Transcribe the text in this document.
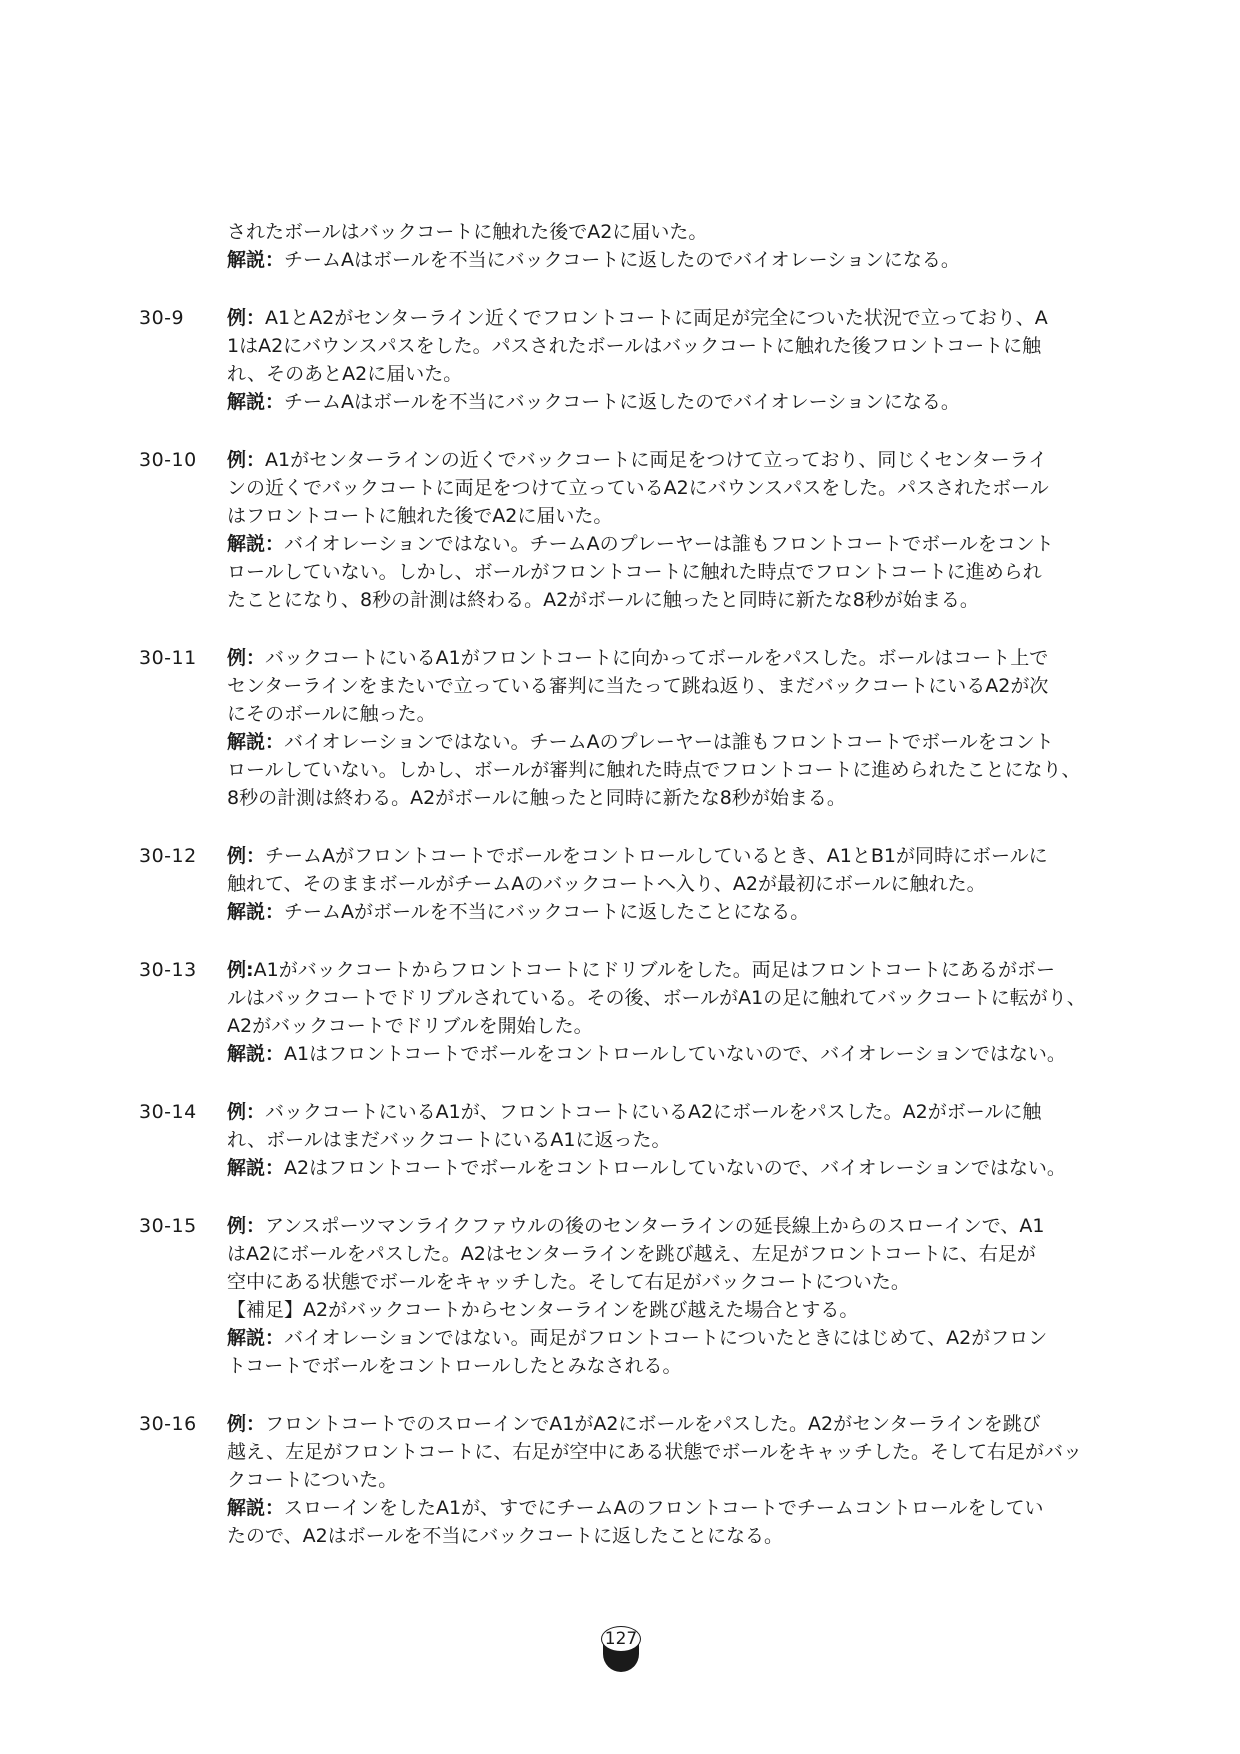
されたボールはバックコートに触れた後でA2に届いた。
解説：チームAはボールを不当にバックコートに返したのでバイオレーションになる。
30-9	例：A1とA2がセンターライン近くでフロントコートに両足が完全についた状況で立っており、A
1はA2にバウンスパスをした。パスされたボールはバックコートに触れた後フロントコートに触
れ、そのあとA2に届いた。
解説：チームAはボールを不当にバックコートに返したのでバイオレーションになる。
30-10	例：A1がセンターラインの近くでバックコートに両足をつけて立っており、同じくセンターライ
ンの近くでバックコートに両足をつけて立っているA2にバウンスパスをした。パスされたボール
はフロントコートに触れた後でA2に届いた。
解説：バイオレーションではない。チームAのプレーヤーは誰もフロントコートでボールをコント
ロールしていない。しかし、ボールがフロントコートに触れた時点でフロントコートに進められ
たことになり、8秒の計測は終わる。A2がボールに触ったと同時に新たな8秒が始まる。
30-11	例：バックコートにいるA1がフロントコートに向かってボールをパスした。ボールはコート上で
センターラインをまたいで立っている審判に当たって跳ね返り、まだバックコートにいるA2が次
にそのボールに触った。
解説：バイオレーションではない。チームAのプレーヤーは誰もフロントコートでボールをコント
ロールしていない。しかし、ボールが審判に触れた時点でフロントコートに進められたことになり、
8秒の計測は終わる。A2がボールに触ったと同時に新たな8秒が始まる。
30-12	例：チームAがフロントコートでボールをコントロールしているとき、A1とB1が同時にボールに
触れて、そのままボールがチームAのバックコートへ入り、A2が最初にボールに触れた。
解説：チームAがボールを不当にバックコートに返したことになる。
30-13	例:A1がバックコートからフロントコートにドリブルをした。両足はフロントコートにあるがボー
ルはバックコートでドリブルされている。その後、ボールがA1の足に触れてバックコートに転がり、
A2がバックコートでドリブルを開始した。
解説：A1はフロントコートでボールをコントロールしていないので、バイオレーションではない。
30-14	例：バックコートにいるA1が、フロントコートにいるA2にボールをパスした。A2がボールに触
れ、ボールはまだバックコートにいるA1に返った。
解説：A2はフロントコートでボールをコントロールしていないので、バイオレーションではない。
30-15	例：アンスポーツマンライクファウルの後のセンターラインの延長線上からのスローインで、A1
はA2にボールをパスした。A2はセンターラインを跳び越え、左足がフロントコートに、右足が
空中にある状態でボールをキャッチした。そして右足がバックコートについた。
【補足】A2がバックコートからセンターラインを跳び越えた場合とする。
解説：バイオレーションではない。両足がフロントコートについたときにはじめて、A2がフロン
トコートでボールをコントロールしたとみなされる。
30-16	例：フロントコートでのスローインでA1がA2にボールをパスした。A2がセンターラインを跳び
越え、左足がフロントコートに、右足が空中にある状態でボールをキャッチした。そして右足がバッ
クコートについた。
解説：スローインをしたA1が、すでにチームAのフロントコートでチームコントロールをしてい
たので、A2はボールを不当にバックコートに返したことになる。
127
